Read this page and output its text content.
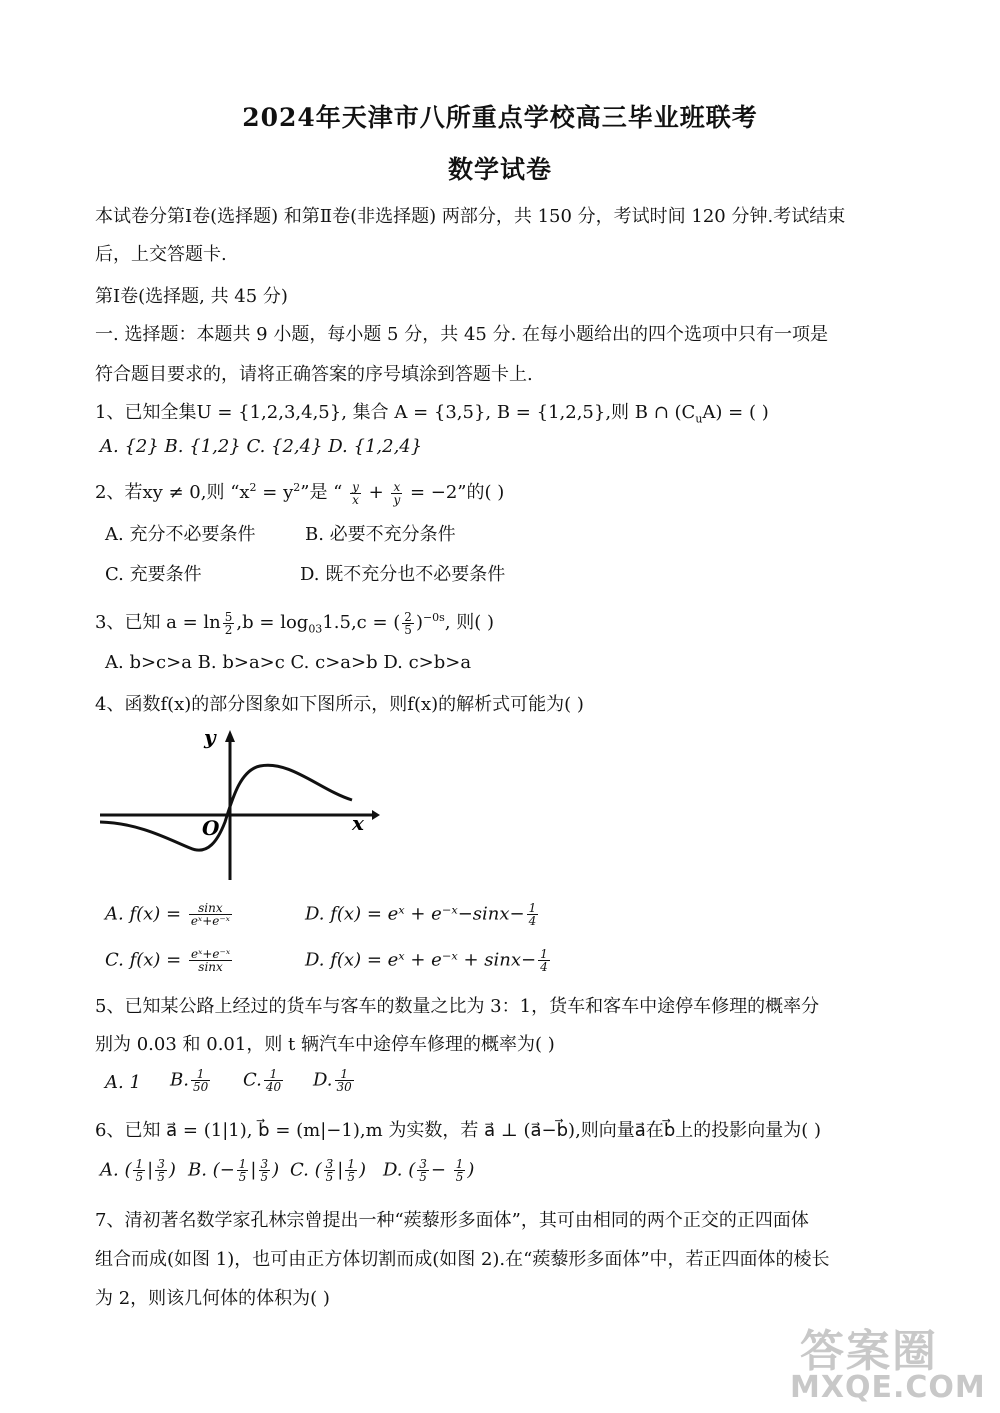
2024年天津市八所重点学校高三毕业班联考
数学试卷
本试卷分第Ⅰ卷(选择题) 和第Ⅱ卷(非选择题) 两部分，共 150 分，考试时间 120 分钟.考试结束
后，上交答题卡.
第Ⅰ卷(选择题, 共 45 分)
一. 选择题：本题共 9 小题，每小题 5 分，共 45 分. 在每小题给出的四个选项中只有一项是
符合题目要求的，请将正确答案的序号填涂到答题卡上.
1、已知全集U = {1,2,3,4,5}, 集合 A = {3,5}, B = {1,2,5},则 B ∩ $(C_uA)$ = ( )
A. {2} B. {1,2} C. {2,4} D. {1,2,4}
2、若xy ≠ 0,则 “$x^2 = y^2$”是 “ $\frac{y}{x} + \frac{x}{y} = -2$”的( )
A. 充分不必要条件	B. 必要不充分条件
C. 充要条件	D. 既不充分也不必要条件
3、已知 $a = \ln \frac{5}{2} ,b = \log_{03}1.5,c$ = ( $\frac{2}{5} )^{-0s}$, 则( )
A. b>c>a B. b>a>c C. c>a>b D. c>b>a
4、函数f(x)的部分图象如下图所示，则f(x)的解析式可能为( )
y
x
O
A. $f(x) = \frac{\sin x}{\text{eˣ+e⁻ˣ}}$	D. f(x) = eˣ + e⁻ˣ−sinx− $\frac{1}{4}$
C. $f(x) = \frac{\text{eˣ+e⁻ˣ}}{\sin x}$	D. f(x) = eˣ + e⁻ˣ + $\sin x- \frac{1}{4}$
5、已知某公路上经过的货车与客车的数量之比为 3：1，货车和客车中途停车修理的概率分
别为 0.03 和 0.01，则 t 辆汽车中途停车修理的概率为( )
A. 1 B. $\frac{1}{50} C$. $\frac{1}{40} D$. $\frac{1}{30}$
6、已知 a⃗ = (1|1), b⃗ = (m|−1),m 为实数，若 a⃗ ⊥ (a⃗−b⃗),则向量a⃗在b⃗上的投影向量为( )
A. ( $\frac{1}{5}$ | $\frac{3}{5}$ ) B. (− $\frac{1}{5}$ | $\frac{3}{5}$ ) C. ( $\frac{3}{5}$ | $\frac{1}{5}$ ) D. ( $\frac{3}{5} - \frac{1}{5}$ )
7、清初著名数学家孔林宗曾提出一种“蒺藜形多面体”，其可由相同的两个正交的正四面体
组合而成(如图 1)，也可由正方体切割而成(如图 2).在“蒺藜形多面体”中，若正四面体的棱长
为 2，则该几何体的体积为( )
答案圈
MXQE.COM
